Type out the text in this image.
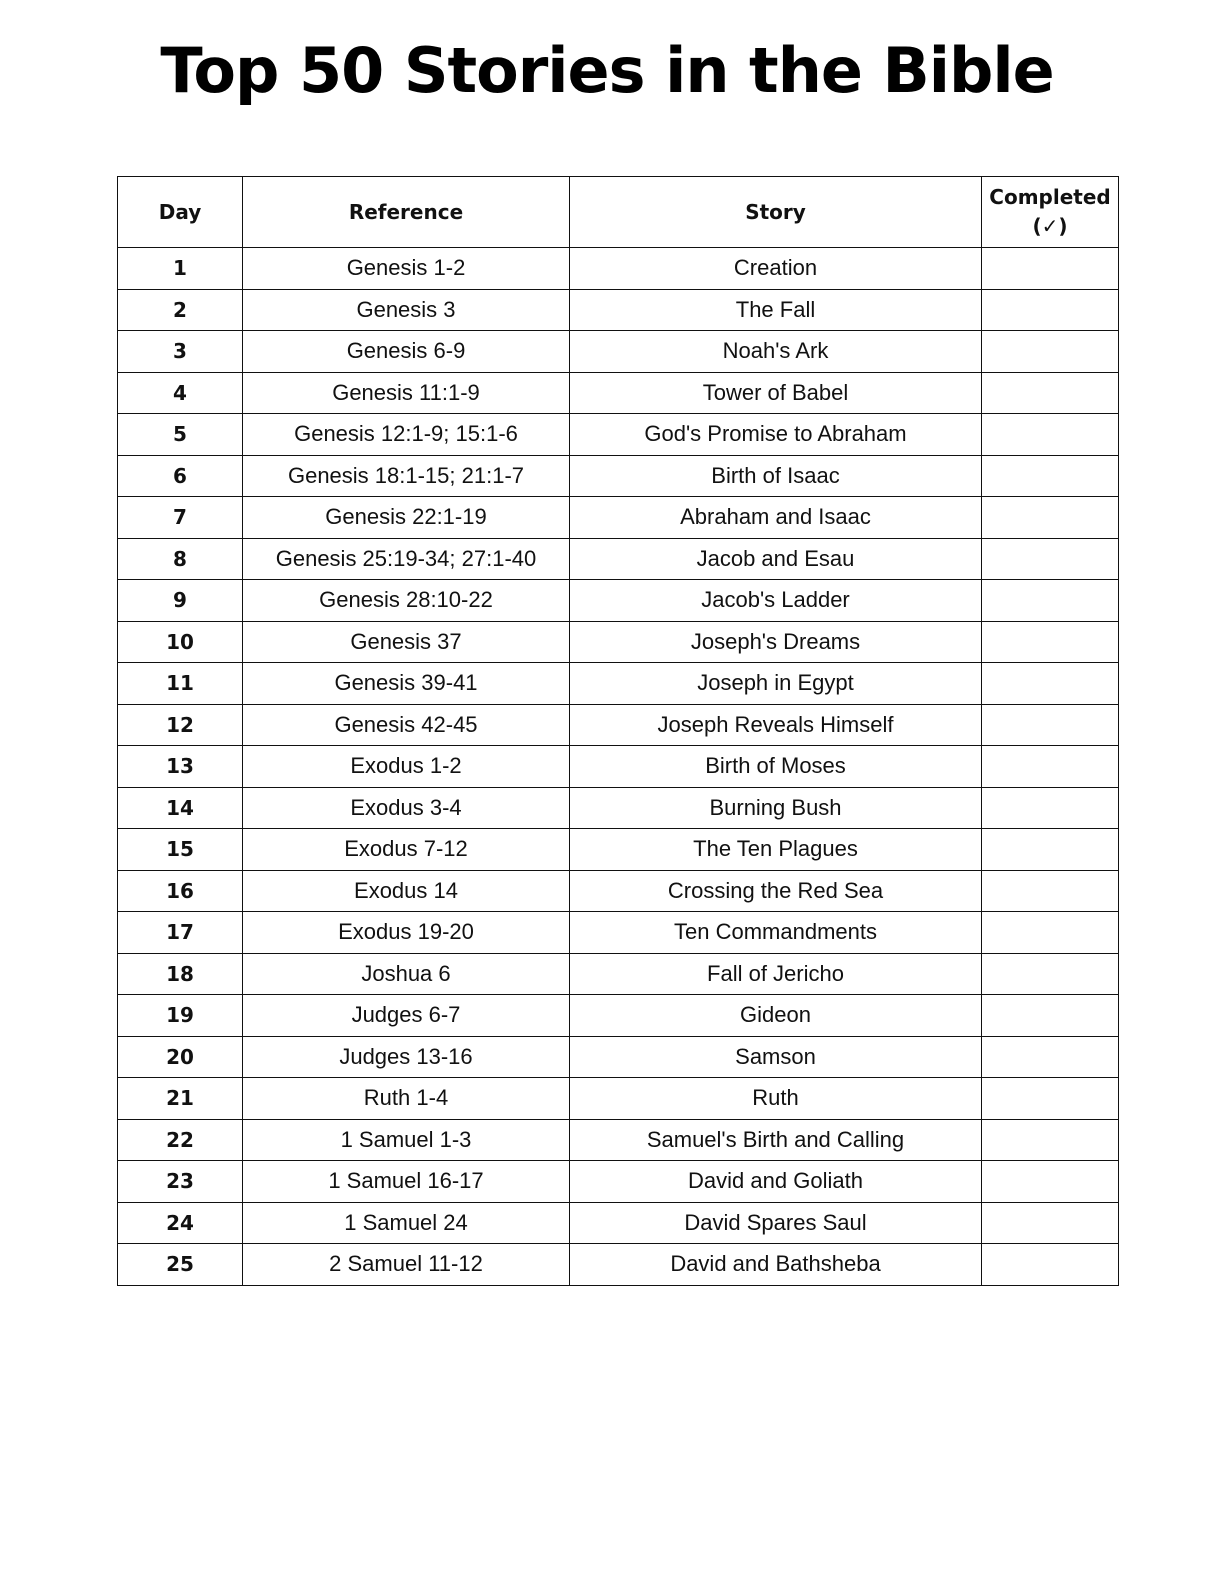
Top 50 Stories in the Bible
Day	Reference	Story	Completed
(✓)

1	Genesis 1-2	Creation	
2	Genesis 3	The Fall	
3	Genesis 6-9	Noah's Ark	
4	Genesis 11:1-9	Tower of Babel	
5	Genesis 12:1-9; 15:1-6	God's Promise to Abraham	
6	Genesis 18:1-15; 21:1-7	Birth of Isaac	
7	Genesis 22:1-19	Abraham and Isaac	
8	Genesis 25:19-34; 27:1-40	Jacob and Esau	
9	Genesis 28:10-22	Jacob's Ladder	
10	Genesis 37	Joseph's Dreams	
11	Genesis 39-41	Joseph in Egypt	
12	Genesis 42-45	Joseph Reveals Himself	
13	Exodus 1-2	Birth of Moses	
14	Exodus 3-4	Burning Bush	
15	Exodus 7-12	The Ten Plagues	
16	Exodus 14	Crossing the Red Sea	
17	Exodus 19-20	Ten Commandments	
18	Joshua 6	Fall of Jericho	
19	Judges 6-7	Gideon	
20	Judges 13-16	Samson	
21	Ruth 1-4	Ruth	
22	1 Samuel 1-3	Samuel's Birth and Calling	
23	1 Samuel 16-17	David and Goliath	
24	1 Samuel 24	David Spares Saul	
25	2 Samuel 11-12	David and Bathsheba	
